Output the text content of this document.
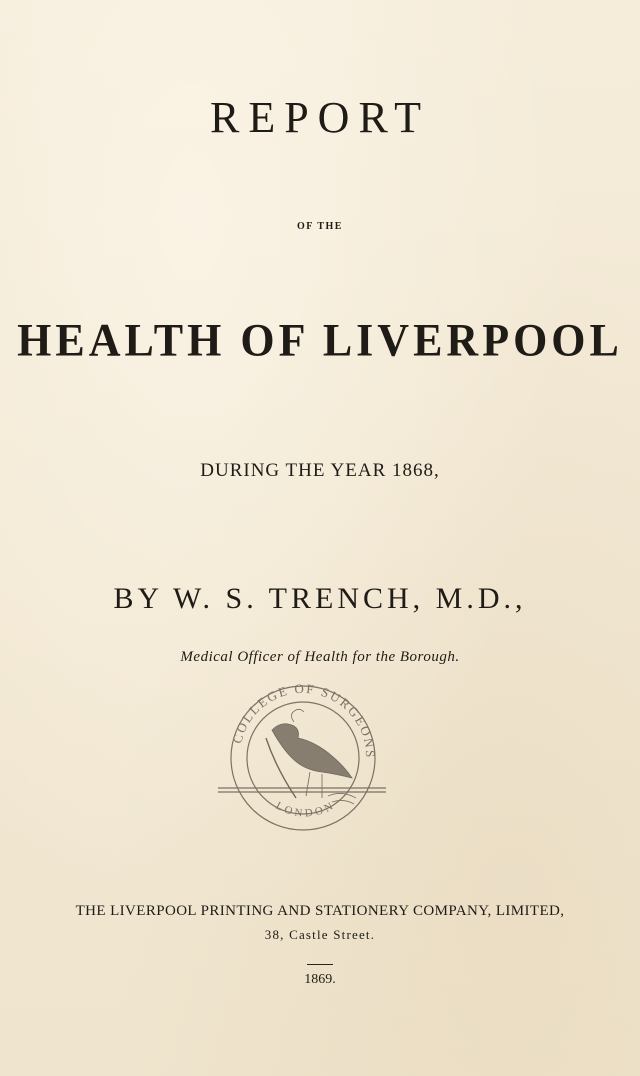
REPORT
OF THE
HEALTH OF LIVERPOOL
DURING THE YEAR 1868,
BY W. S. TRENCH, M.D.,
Medical Officer of Health for the Borough.
COLLEGE OF SURGEONS
LONDON
THE LIVERPOOL PRINTING AND STATIONERY COMPANY, LIMITED,
38, Castle Street.
1869.
